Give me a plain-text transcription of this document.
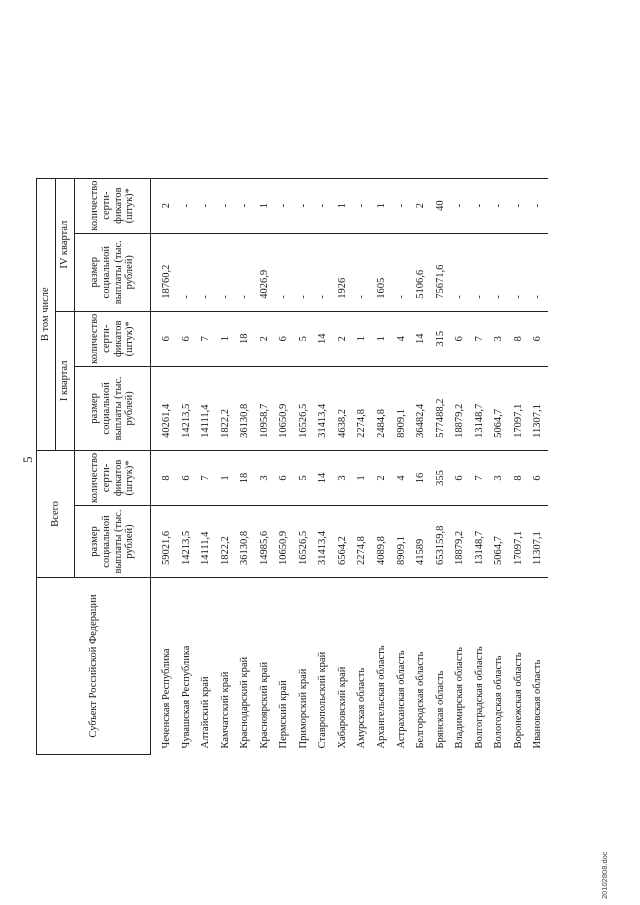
5
Субъект Российской Федерации	Всего		В том числе			
			I квартал		IV квартал	
	размер социальной выплаты (тыс. рублей)	количество серти-фикатов (штук)*	размер социальной выплаты (тыс. рублей)	количество серти-фикатов (штук)*	размер социальной выплаты (тыс. рублей)	количество серти-фикатов (штук)*
Чеченская Республика	59021,6	8	40261,4	6	18760,2	2
Чувашская Республика	14213,5	6	14213,5	6	-	-
Алтайский край	14111,4	7	14111,4	7	-	-
Камчатский край	1822,2	1	1822,2	1	-	-
Краснодарский край	36130,8	18	36130,8	18	-	-
Красноярский край	14985,6	3	10958,7	2	4026,9	1
Пермский край	10650,9	6	10650,9	6	-	-
Приморский край	16526,5	5	16526,5	5	-	-
Ставропольский край	31413,4	14	31413,4	14	-	-
Хабаровский край	6564,2	3	4638,2	2	1926	1
Амурская область	2274,8	1	2274,8	1	-	-
Архангельская область	4089,8	2	2484,8	1	1605	1
Астраханская область	8909,1	4	8909,1	4	-	-
Белгородская область	41589	16	36482,4	14	5106,6	2
Брянская область	653159,8	355	577488,2	315	75671,6	40
Владимирская область	18879,2	6	18879,2	6	-	-
Волгоградская область	13148,7	7	13148,7	7	-	-
Вологодская область	5064,7	3	5064,7	3	-	-
Воронежская область	17097,1	8	17097,1	8	-	-
Ивановская область	11307,1	6	11307,1	6	-	-
20102808.doc
